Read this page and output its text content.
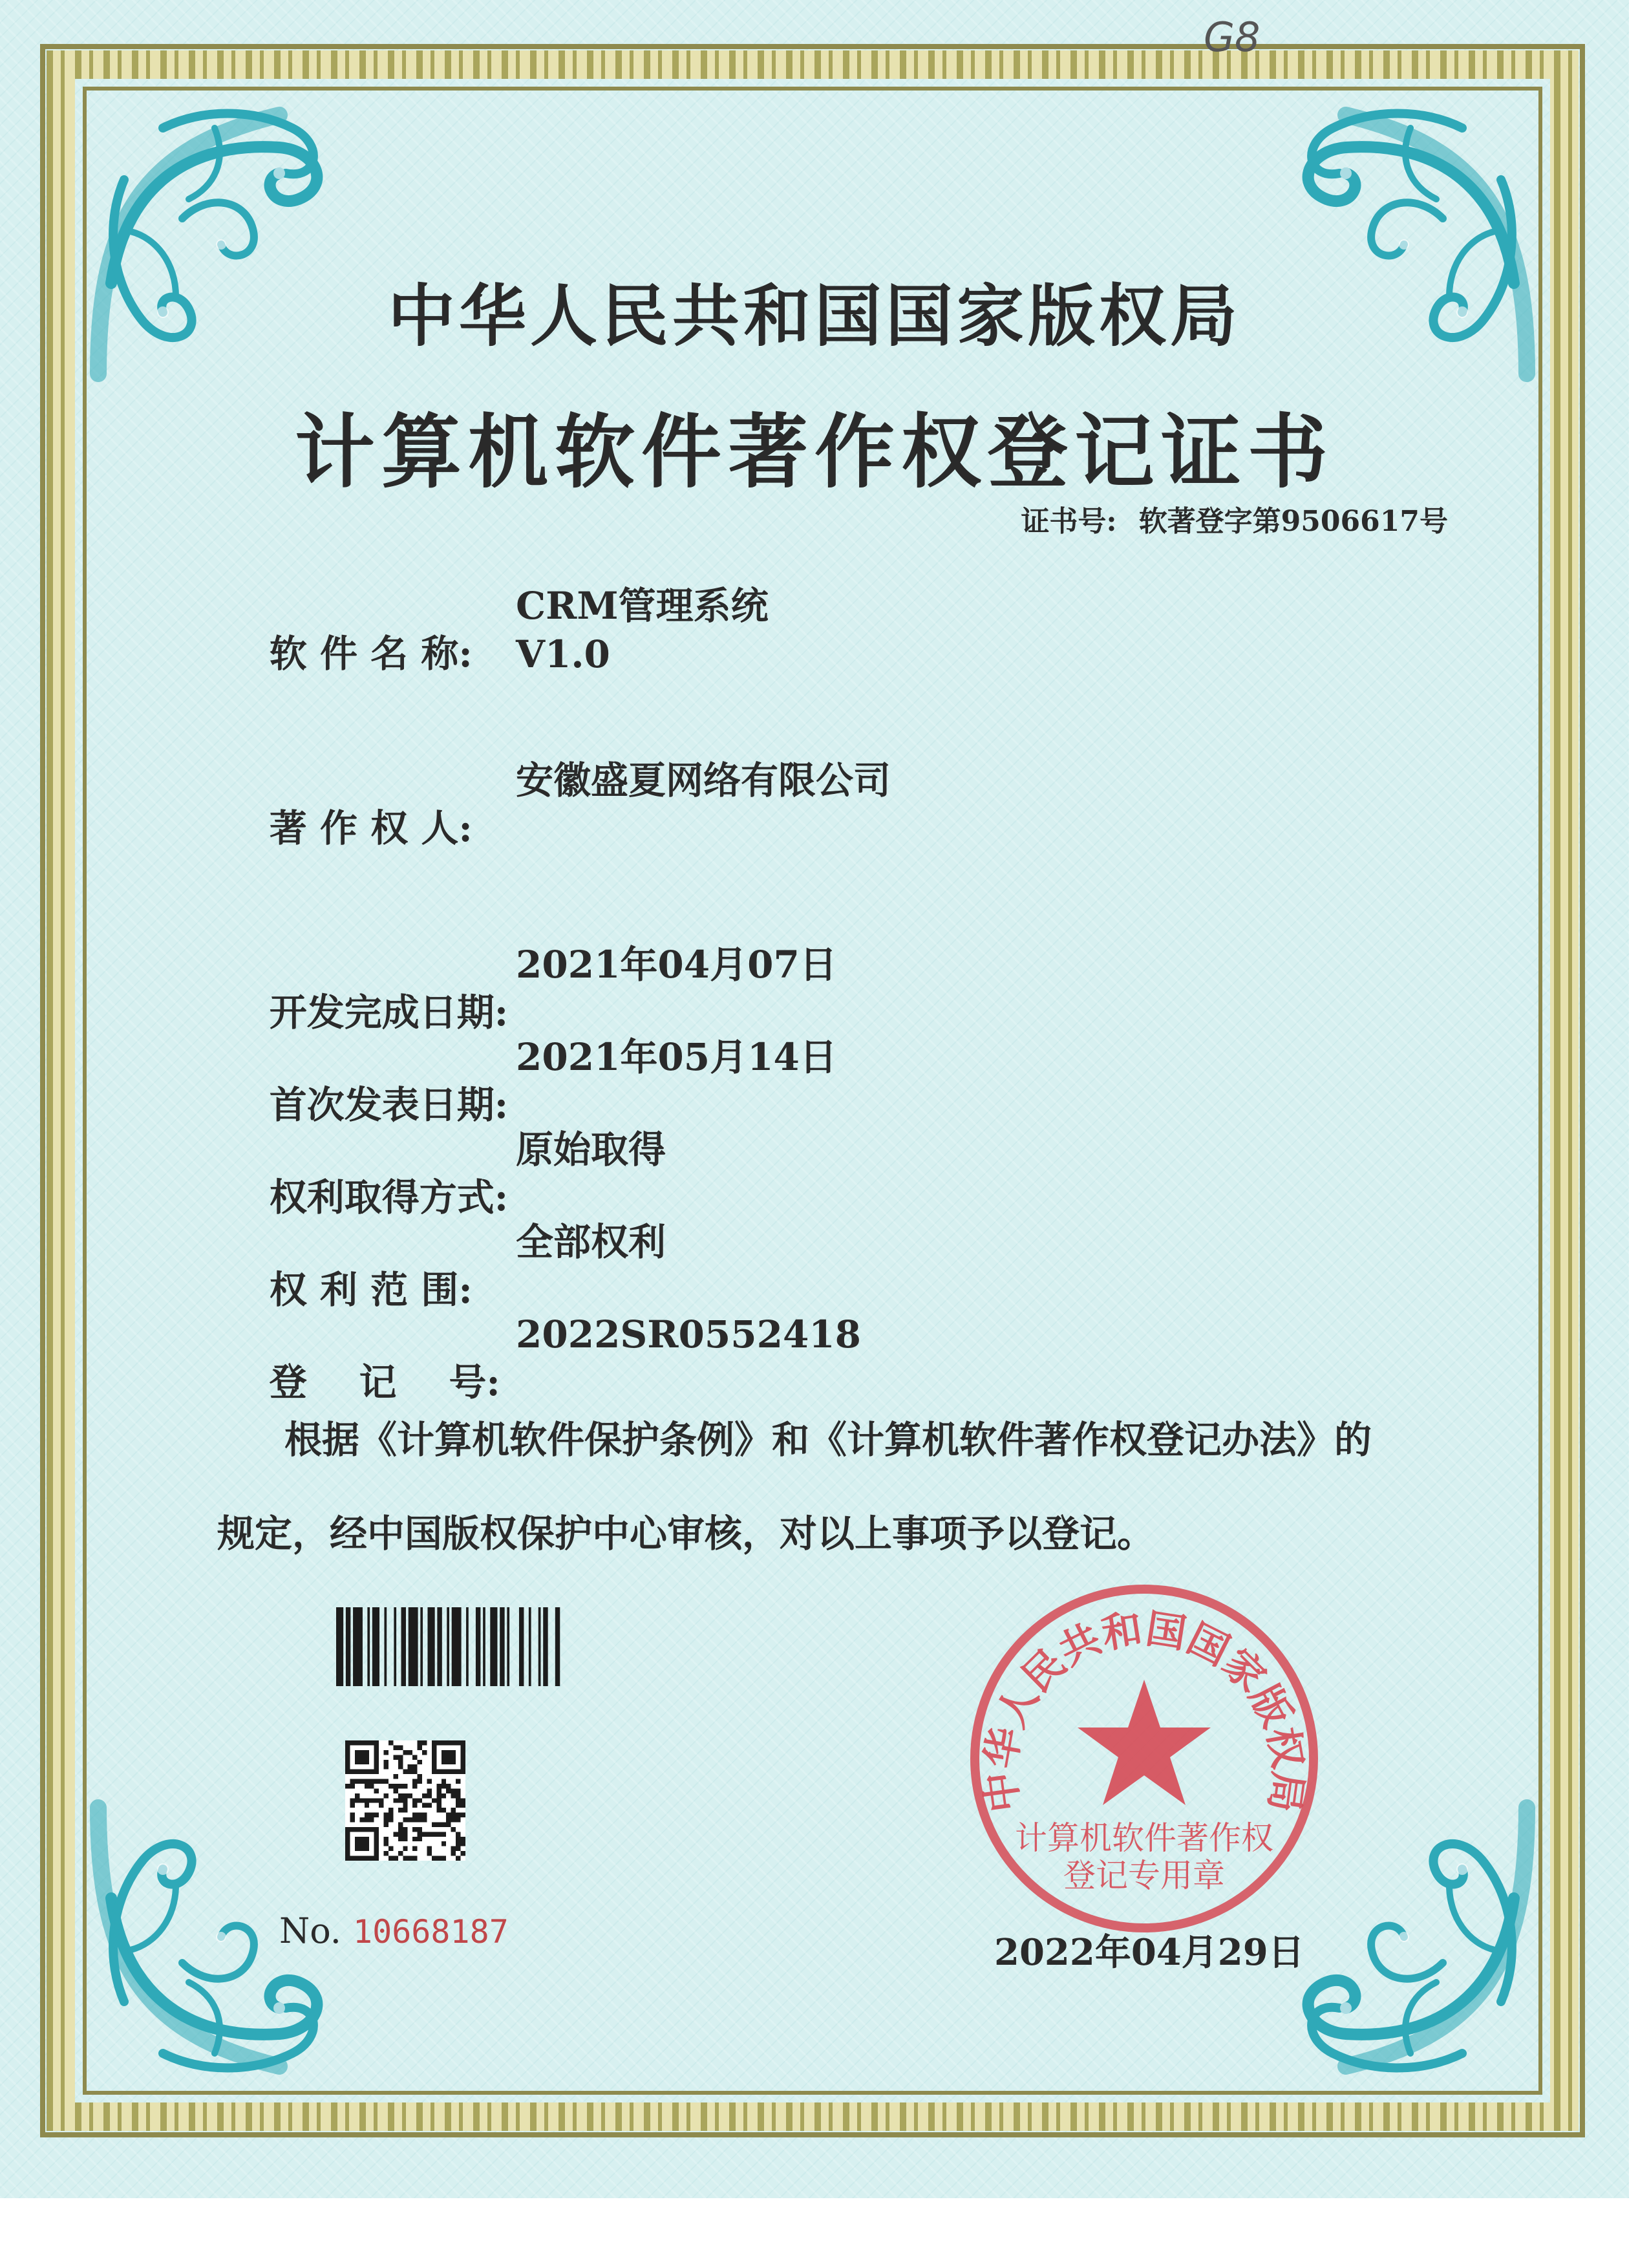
中华人民共和国国家版权局
计算机软件著作权登记证书
证书号: 软著登字第9506617号

软 件 名 称:
CRM管理系统

V1.0

著 作 权 人:
安徽盛夏网络有限公司

开发完成日期:
2021年04月07日

首次发表日期:
2021年05月14日

权利取得方式:
原始取得

权 利 范 围:
全部权利

登    记    号:
2022SR0552418

根据《计算机软件保护条例》和《计算机软件著作权登记办法》的
规定，经中国版权保护中心审核，对以上事项予以登记。
No. 10668187
中华人民共和国国家版权局
计算机软件著作权
登记专用章
2022年04月29日
G8
